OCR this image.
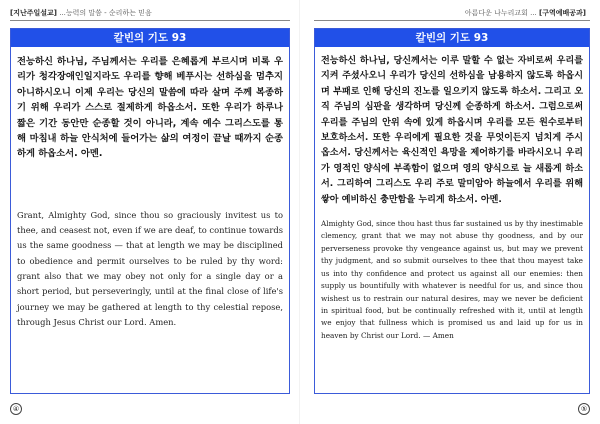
[지난주일설교] ...능력의 말씀 - 순리하는 믿음
칼빈의 기도 93
전능하신 하나님, 주님께서는 우리를 은혜롭게 부르시며 비록 우리가 청각장애인일지라도 우리를 향해 베푸시는 선하심을 멈추지 아니하시오니 이제 우리는 당신의 말씀에 따라 살며 주께 복종하기 위해 우리가 스스로 절제하게 하옵소서. 또한 우리가 하루나 짧은 기간 동안만 순종할 것이 아니라, 계속 예수 그리스도를 통해 마침내 하늘 안식처에 들어가는 삶의 여정이 끝날 때까지 순종하게 하옵소서. 아멘.
Grant, Almighty God, since thou so graciously invitest us to thee, and ceasest not, even if we are deaf, to continue towards us the same goodness — that at length we may be disciplined to obedience and permit ourselves to be ruled by thy word: grant also that we may obey not only for a single day or a short period, but perseveringly, until at the final close of life's journey we may be gathered at length to thy celestial repose, through Jesus Christ our Lord. Amen.
④
아름다운 나누리교회 ... [구역예배공과]
칼빈의 기도 93
전능하신 하나님, 당신께서는 이루 말할 수 없는 자비로써 우리를 지켜 주셨사오니 우리가 당신의 선하심을 남용하지 않도록 하옵시며 부패로 인해 당신의 진노를 일으키지 않도록 하소서. 그리고 오직 주님의 심판을 생각하며 당신께 순종하게 하소서. 그럼으로써 우리를 주님의 안위 속에 있게 하옵시며 우리를 모든 원수로부터 보호하소서. 또한 우리에게 필요한 것을 무엇이든지 넘치게 주시옵소서. 당신께서는 육신적인 욕망을 제어하기를 바라시오니 우리가 영적인 양식에 부족함이 없으며 영의 양식으로 늘 새롭게 하소서. 그리하여 그리스도 우리 주로 말미암아 하늘에서 우리를 위해 쌓아 예비하신 충만함을 누리게 하소서. 아멘.
Almighty God, since thou hast thus far sustained us by thy inestimable clemency, grant that we may not abuse thy goodness, and by our perverseness provoke thy vengeance against us, but may we prevent thy judgment, and so submit ourselves to thee that thou mayest take us into thy confidence and protect us against all our enemies: then supply us bountifully with whatever is needful for us, and since thou wishest us to restrain our natural desires, may we never be deficient in spiritual food, but be continually refreshed with it, until at length we enjoy that fullness which is promised us and laid up for us in heaven by Christ our Lord. — Amen
⑤
